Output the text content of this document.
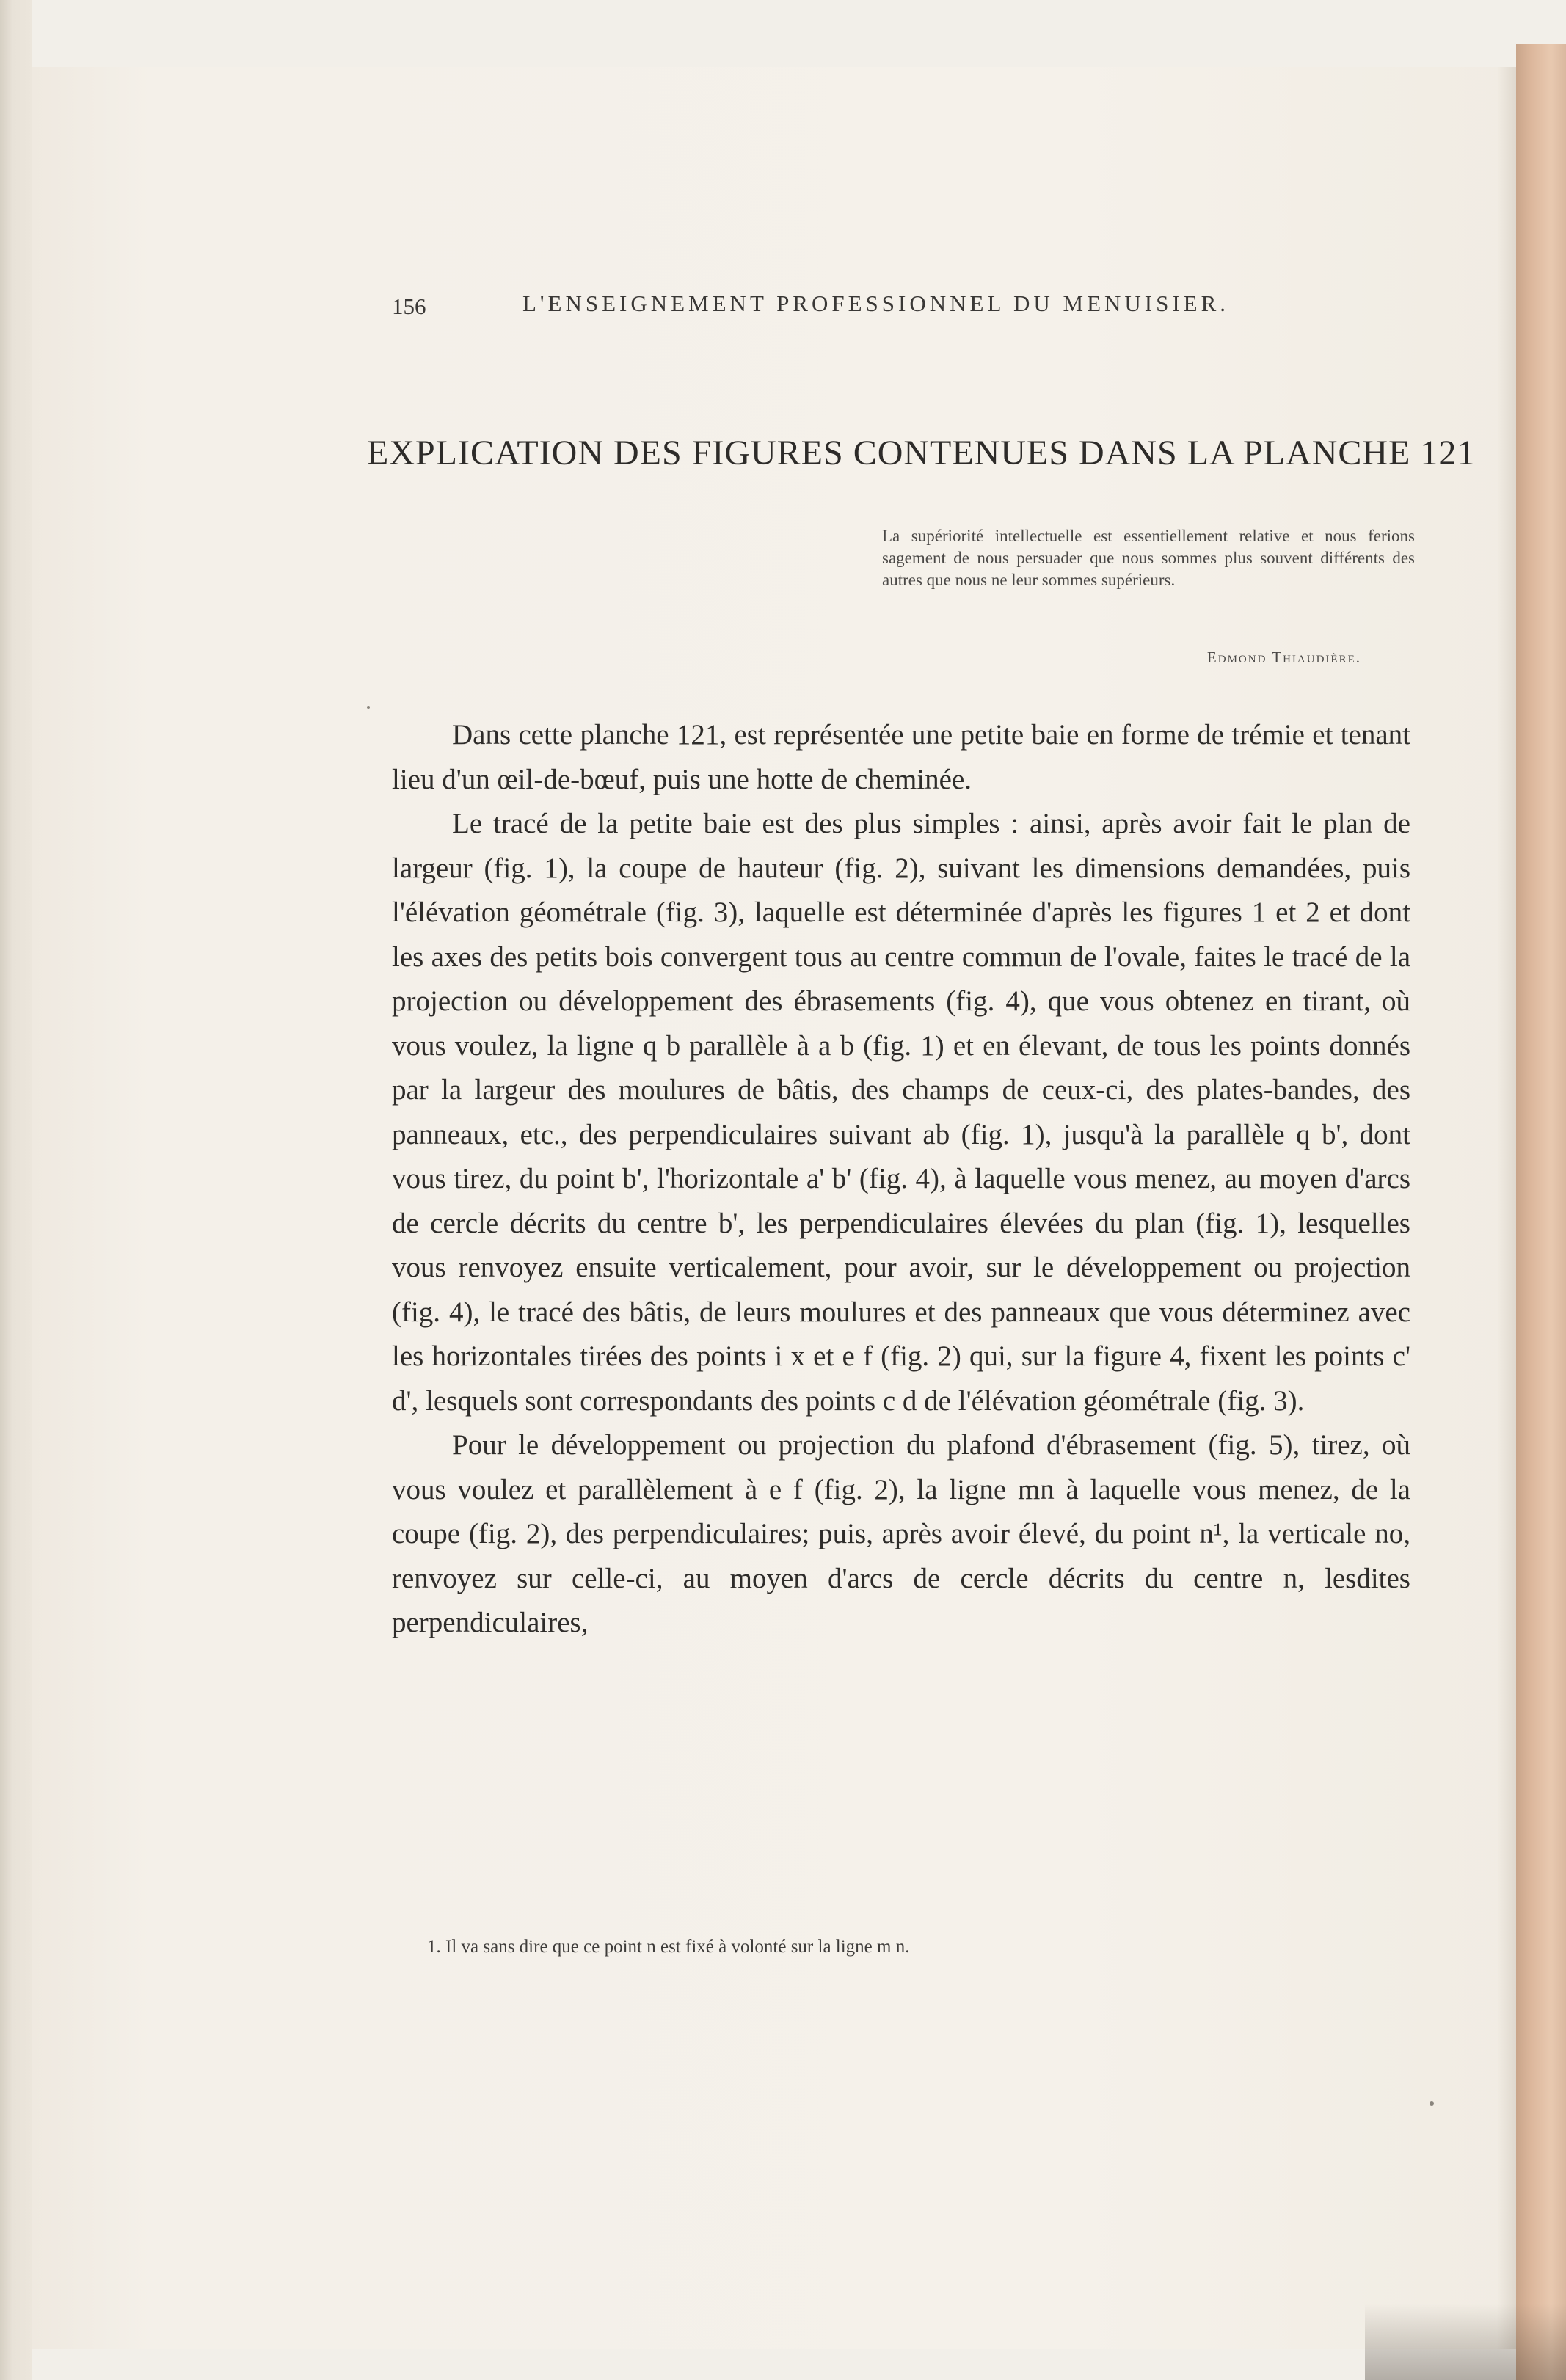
156	L'ENSEIGNEMENT PROFESSIONNEL DU MENUISIER.
EXPLICATION DES FIGURES CONTENUES DANS LA PLANCHE 121
La supériorité intellectuelle est essentiellement relative et nous ferions sagement de nous persuader que nous sommes plus souvent différents des autres que nous ne leur sommes supérieurs.
Edmond Thiaudière.

Dans cette planche 121, est représentée une petite baie en forme de trémie et tenant lieu d'un œil-de-bœuf, puis une hotte de cheminée.

Le tracé de la petite baie est des plus simples : ainsi, après avoir fait le plan de largeur (fig. 1), la coupe de hauteur (fig. 2), suivant les dimensions demandées, puis l'élévation géométrale (fig. 3), laquelle est déterminée d'après les figures 1 et 2 et dont les axes des petits bois convergent tous au centre commun de l'ovale, faites le tracé de la projection ou développement des ébrasements (fig. 4), que vous obtenez en tirant, où vous voulez, la ligne q b parallèle à a b (fig. 1) et en élevant, de tous les points donnés par la largeur des moulures de bâtis, des champs de ceux-ci, des plates-bandes, des panneaux, etc., des perpendiculaires suivant ab (fig. 1), jusqu'à la parallèle q b', dont vous tirez, du point b', l'horizontale a' b' (fig. 4), à laquelle vous menez, au moyen d'arcs de cercle décrits du centre b', les perpendiculaires élevées du plan (fig. 1), lesquelles vous renvoyez ensuite verticalement, pour avoir, sur le développement ou projection (fig. 4), le tracé des bâtis, de leurs moulures et des panneaux que vous déterminez avec les horizontales tirées des points i x et e f (fig. 2) qui, sur la figure 4, fixent les points c' d', lesquels sont correspondants des points c d de l'élévation géométrale (fig. 3).

Pour le développement ou projection du plafond d'ébrasement (fig. 5), tirez, où vous voulez et parallèlement à e f (fig. 2), la ligne mn à laquelle vous menez, de la coupe (fig. 2), des perpendiculaires; puis, après avoir élevé, du point n¹, la verticale no, renvoyez sur celle-ci, au moyen d'arcs de cercle décrits du centre n, lesdites perpendiculaires,

1. Il va sans dire que ce point n est fixé à volonté sur la ligne m n.
